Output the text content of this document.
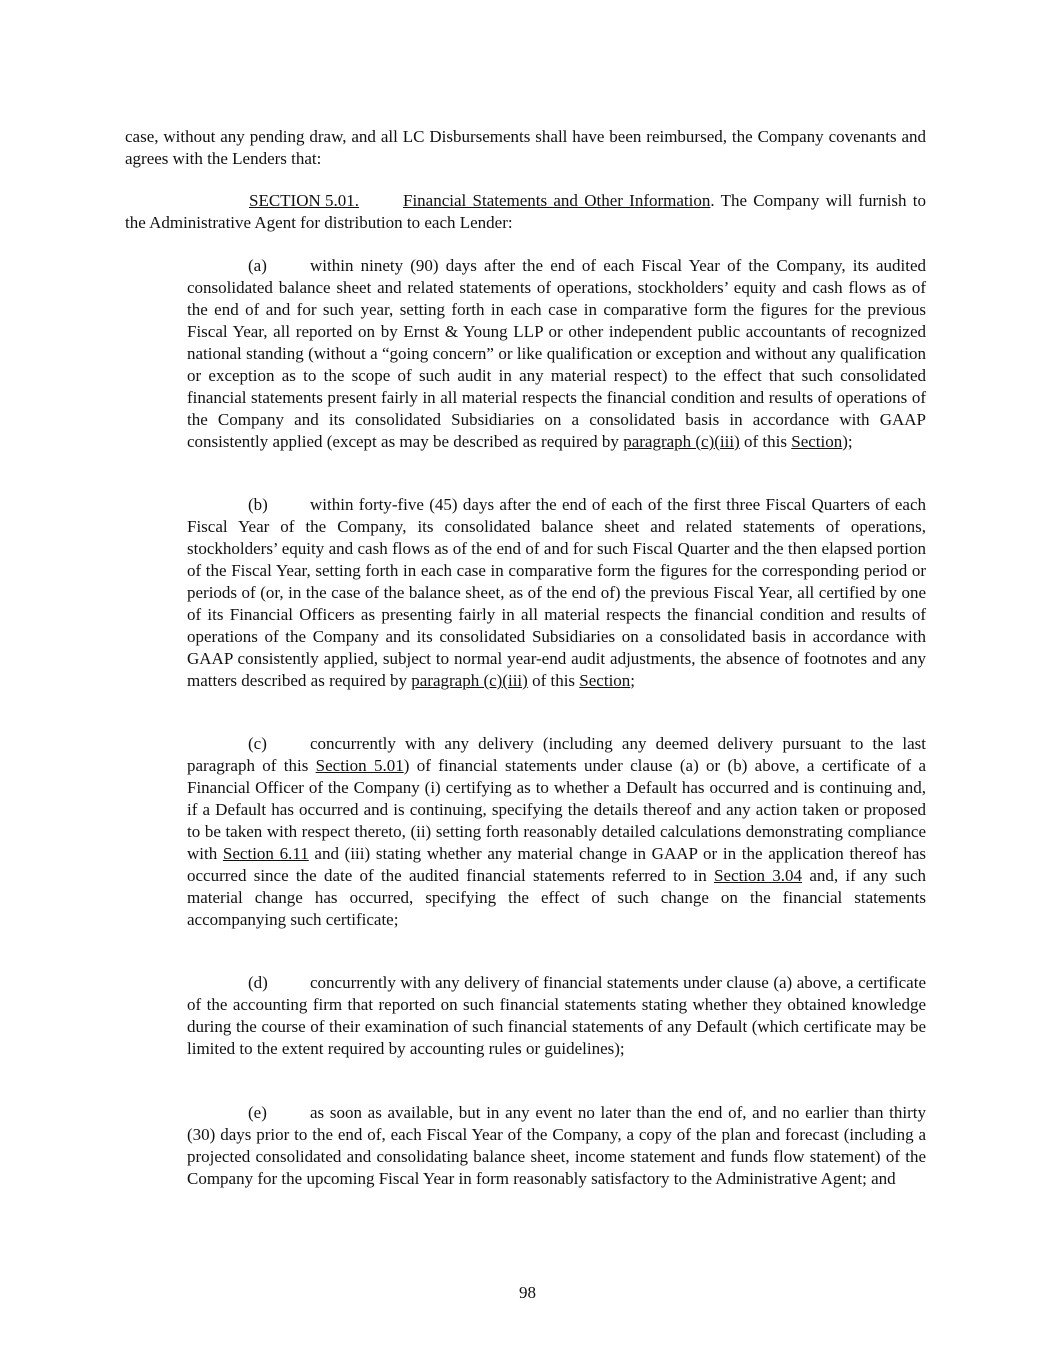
case, without any pending draw, and all LC Disbursements shall have been reimbursed, the Company covenants and agrees with the Lenders that:

SECTION 5.01.	Financial Statements and Other Information. The Company will furnish to the Administrative Agent for distribution to each Lender:

(a)	within ninety (90) days after the end of each Fiscal Year of the Company, its audited consolidated balance sheet and related statements of operations, stockholders’ equity and cash flows as of the end of and for such year, setting forth in each case in comparative form the figures for the previous Fiscal Year, all reported on by Ernst & Young LLP or other independent public accountants of recognized national standing (without a “going concern” or like qualification or exception and without any qualification or exception as to the scope of such audit in any material respect) to the effect that such consolidated financial statements present fairly in all material respects the financial condition and results of operations of the Company and its consolidated Subsidiaries on a consolidated basis in accordance with GAAP consistently applied (except as may be described as required by paragraph (c)(iii) of this Section);

(b) within forty-five (45) days after the end of each of the first three Fiscal Quarters of each Fiscal Year of the Company, its consolidated balance sheet and related statements of operations, stockholders’ equity and cash flows as of the end of and for such Fiscal Quarter and the then elapsed portion of the Fiscal Year, setting forth in each case in comparative form the figures for the corresponding period or periods of (or, in the case of the balance sheet, as of the end of) the previous Fiscal Year, all certified by one of its Financial Officers as presenting fairly in all material respects the financial condition and results of operations of the Company and its consolidated Subsidiaries on a consolidated basis in accordance with GAAP consistently applied, subject to normal year-end audit adjustments, the absence of footnotes and any matters described as required by paragraph (c)(iii) of this Section;

(c)	concurrently with any delivery (including any deemed delivery pursuant to the last paragraph of this Section 5.01) of financial statements under clause (a) or (b) above, a certificate of a Financial Officer of the Company (i) certifying as to whether a Default has occurred and is continuing and, if a Default has occurred and is continuing, specifying the details thereof and any action taken or proposed to be taken with respect thereto, (ii) setting forth reasonably detailed calculations demonstrating compliance with Section 6.11 and (iii) stating whether any material change in GAAP or in the application thereof has occurred since the date of the audited financial statements referred to in Section 3.04 and, if any such material change has occurred, specifying the effect of such change on the financial statements accompanying such certificate;

(d) concurrently with any delivery of financial statements under clause (a) above, a certificate of the accounting firm that reported on such financial statements stating whether they obtained knowledge during the course of their examination of such financial statements of any Default (which certificate may be limited to the extent required by accounting rules or guidelines);

(e)	as soon as available, but in any event no later than the end of, and no earlier than thirty (30) days prior to the end of, each Fiscal Year of the Company, a copy of the plan and forecast (including a projected consolidated and consolidating balance sheet, income statement and funds flow statement) of the Company for the upcoming Fiscal Year in form reasonably satisfactory to the Administrative Agent; and

98
